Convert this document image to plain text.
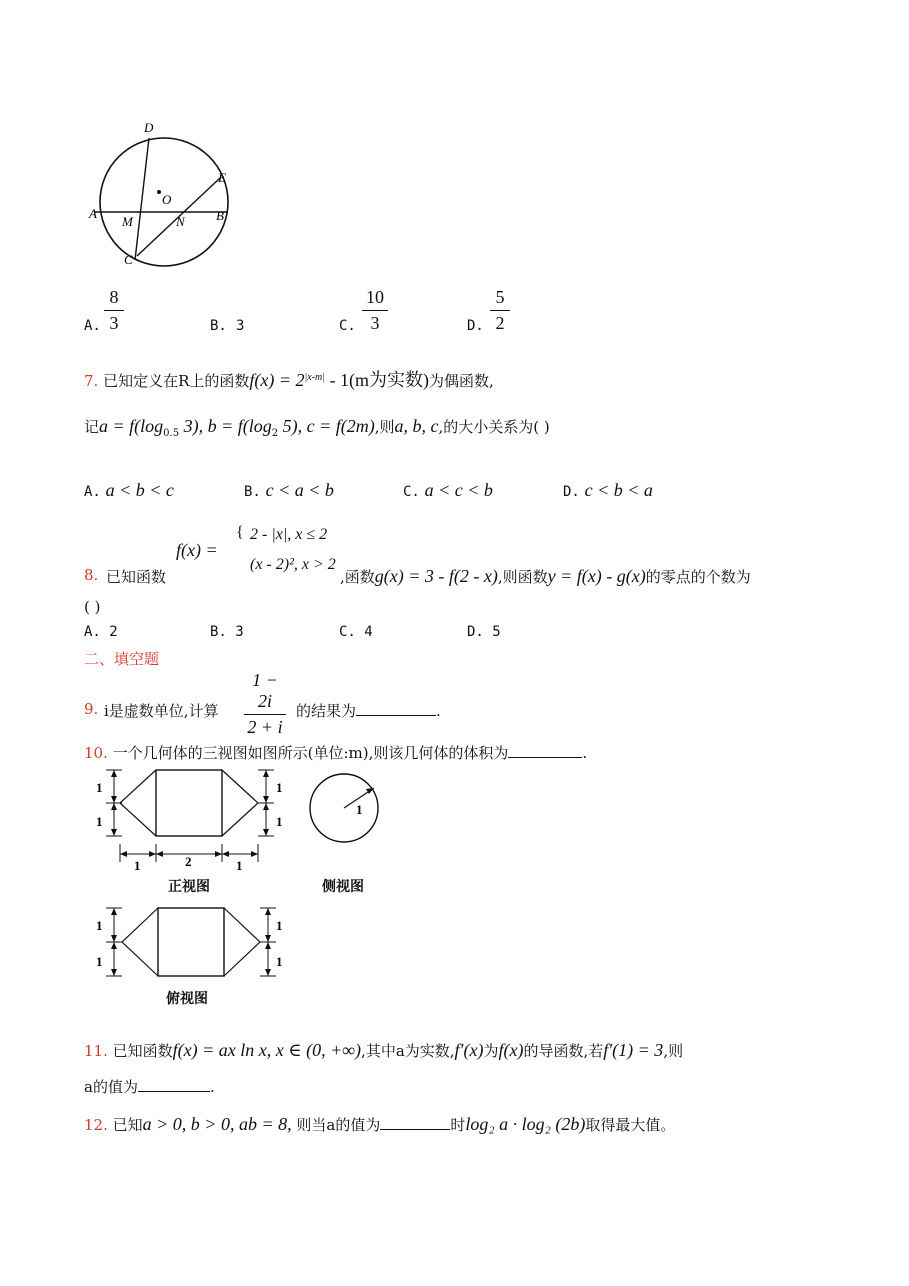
D
E
O
A
M	N B
C
A.
8
3	B. 3	C.
10
3	D.
5
2
7. 已知定义在R上的函数$f(x) = 2^{|x-m|} - 1(m$为实数)为偶函数,
记$a = f(\log_{0.5}$ 3), $b = f(\log_2$ 5), c = f(2m),则a, b, c,的大小关系为( )
A. a < b < c	B. c < a < b	C. a < c < b	D. c < b < a
8. 已知函数
f(x) =
{ 2 - |x|, x ≤ 2
(x - 2)², x > 2
,函数g(x) = 3 - f(2 - x),则函数y = f(x) - g(x)的零点的个数为
( )
A. 2	B. 3	C. 4	D. 5
二、填空题
9. i是虚数单位,计算
1 − 2i
2 + i
的结果为	.
10. 一个几何体的三视图如图所示(单位:m),则该几何体的体积为	.
1
1
1
1
1	2	1
正视图
1
侧视图
1
1
1
1
俯视图
11. 已知函数f(x) = ax ln x, x ∈ (0, +∞),其中a为实数,f′(x)为f(x)的导函数,若f′(1) = 3,则
a的值为	.
12. 已知a > 0, b > 0, ab = 8, 则当a的值为	时log₂ a · log₂ (2b)取得最大值。
